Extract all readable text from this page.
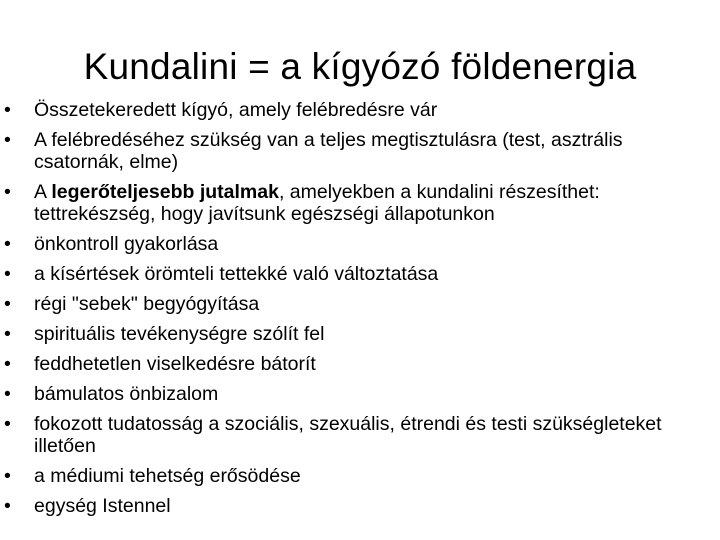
Kundalini = a kígyózó földenergia
•	Összetekeredett kígyó, amely felébredésre vár
•	A felébredéséhez szükség van a teljes megtisztulásra (test, asztrális csatornák, elme)
•	A legerőteljesebb jutalmak, amelyekben a kundalini részesíthet: tettrekészség, hogy javítsunk egészségi állapotunkon
•	önkontroll gyakorlása
•	a kísértések örömteli tettekké való változtatása
•	régi "sebek" begyógyítása
•	spirituális tevékenységre szólít fel
•	feddhetetlen viselkedésre bátorít
•	bámulatos önbizalom
•	fokozott tudatosság a szociális, szexuális, étrendi és testi szükségleteket illetően
•	a médiumi tehetség erősödése
•	egység Istennel
